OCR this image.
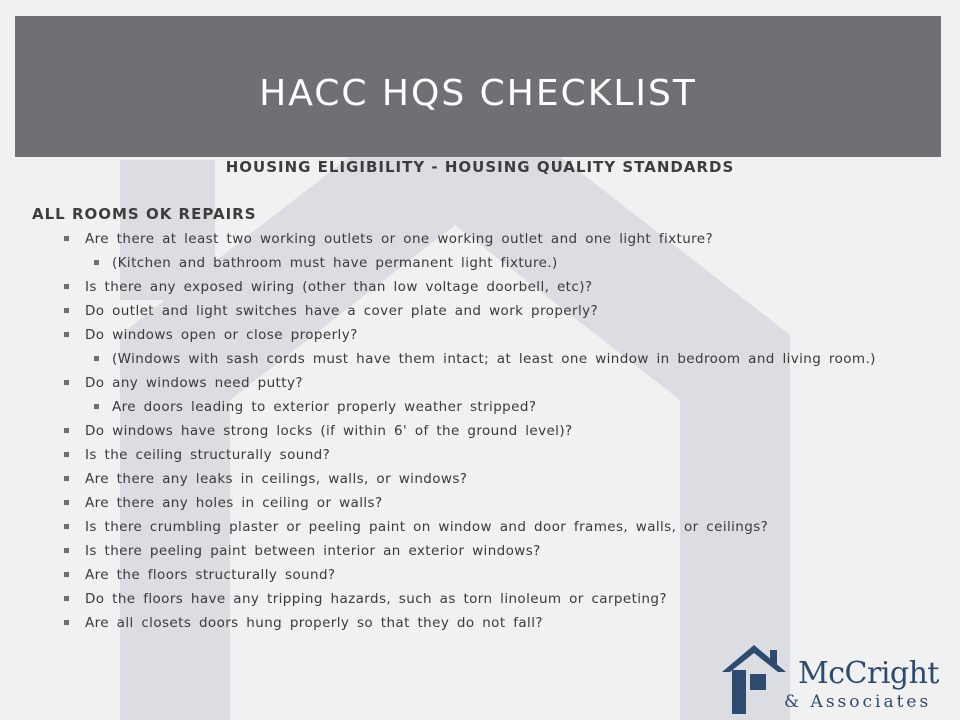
HACC HQS CHECKLIST
HOUSING ELIGIBILITY - HOUSING QUALITY STANDARDS
ALL ROOMS OK REPAIRS
Are there at least two working outlets or one working outlet and one light fixture?
(Kitchen and bathroom must have permanent light fixture.)
Is there any exposed wiring (other than low voltage doorbell, etc)?
Do outlet and light switches have a cover plate and work properly?
Do windows open or close properly?
(Windows with sash cords must have them intact; at least one window in bedroom and living room.)
Do any windows need putty?
Are doors leading to exterior properly weather stripped?
Do windows have strong locks (if within 6' of the ground level)?
Is the ceiling structurally sound?
Are there any leaks in ceilings, walls, or windows?
Are there any holes in ceiling or walls?
Is there crumbling plaster or peeling paint on window and door frames, walls, or ceilings?
Is there peeling paint between interior an exterior windows?
Are the floors structurally sound?
Do the floors have any tripping hazards, such as torn linoleum or carpeting?
Are all closets doors hung properly so that they do not fall?
McCright
& Associates
